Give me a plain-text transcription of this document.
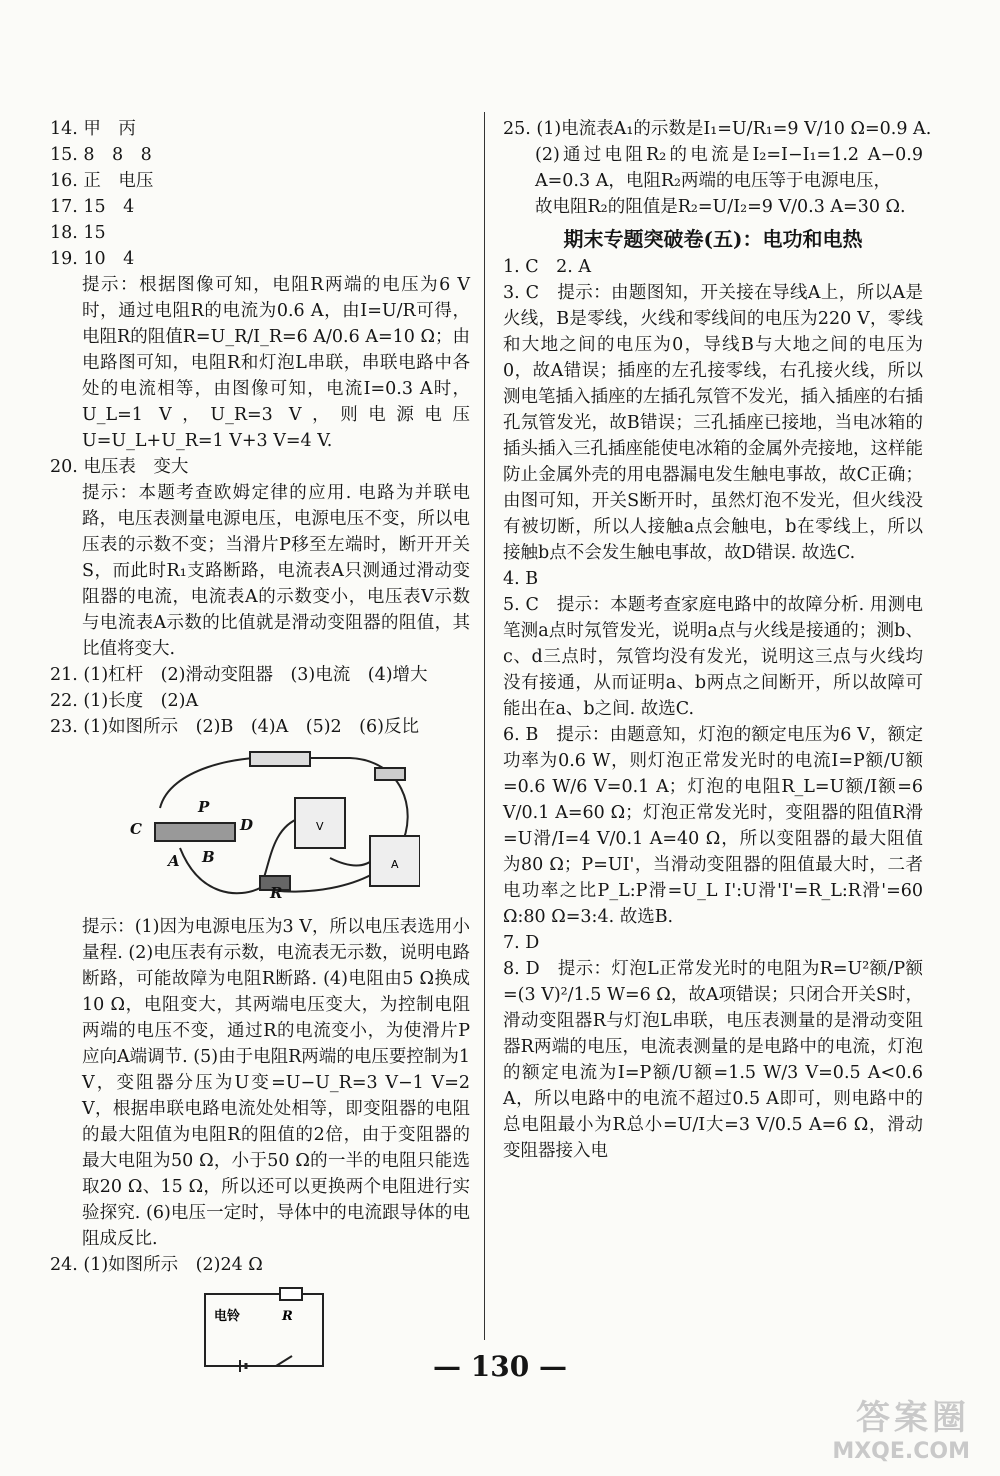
14. 甲　丙
15. 8　8　8
16. 正　电压
17. 15　4
18. 15
19. 10　4
提示：根据图像可知，电阻R两端的电压为6 V时，通过电阻R的电流为0.6 A，由I=U/R可得，电阻R的阻值R=U_R/I_R=6 A/0.6 A=10 Ω；由电路图可知，电阻R和灯泡L串联，串联电路中各处的电流相等，由图像可知，电流I=0.3 A时，U_L=1 V，U_R=3 V，则电源电压U=U_L+U_R=1 V+3 V=4 V.
20. 电压表　变大
提示：本题考查欧姆定律的应用. 电路为并联电路，电压表测量电源电压，电源电压不变，所以电压表的示数不变；当滑片P移至左端时，断开开关S，而此时R₁支路断路，电流表A只测通过滑动变阻器的电流，电流表A的示数变小，电压表V示数与电流表A示数的比值就是滑动变阻器的阻值，其比值将变大.
21. (1)杠杆　(2)滑动变阻器　(3)电流　(4)增大
22. (1)长度　(2)A
23. (1)如图所示　(2)B　(4)A　(5)2　(6)反比
C
P
D
A B
R
V
A
提示：(1)因为电源电压为3 V，所以电压表选用小量程. (2)电压表有示数，电流表无示数，说明电路断路，可能故障为电阻R断路. (4)电阻由5 Ω换成10 Ω，电阻变大，其两端电压变大，为控制电阻两端的电压不变，通过R的电流变小，为使滑片P应向A端调节. (5)由于电阻R两端的电压要控制为1 V，变阻器分压为U变=U−U_R=3 V−1 V=2 V，根据串联电路电流处处相等，即变阻器的电阻的最大阻值为电阻R的阻值的2倍，由于变阻器的最大电阻为50 Ω，小于50 Ω的一半的电阻只能选取20 Ω、15 Ω，所以还可以更换两个电阻进行实验探究. (6)电压一定时，导体中的电流跟导体的电阻成反比.
24. (1)如图所示　(2)24 Ω
电铃	R
25. (1)电流表A₁的示数是I₁=U/R₁=9 V/10 Ω=0.9 A.
(2)通过电阻R₂的电流是I₂=I−I₁=1.2 A−0.9 A=0.3 A，电阻R₂两端的电压等于电源电压，
故电阻R₂的阻值是R₂=U/I₂=9 V/0.3 A=30 Ω.
期末专题突破卷(五)：电功和电热
1. C　2. A
3. C　提示：由题图知，开关接在导线A上，所以A是火线，B是零线，火线和零线间的电压为220 V，零线和大地之间的电压为0，导线B与大地之间的电压为0，故A错误；插座的左孔接零线，右孔接火线，所以测电笔插入插座的左插孔氖管不发光，插入插座的右插孔氖管发光，故B错误；三孔插座已接地，当电冰箱的插头插入三孔插座能使电冰箱的金属外壳接地，这样能防止金属外壳的用电器漏电发生触电事故，故C正确；由图可知，开关S断开时，虽然灯泡不发光，但火线没有被切断，所以人接触a点会触电，b在零线上，所以接触b点不会发生触电事故，故D错误. 故选C.
4. B
5. C　提示：本题考查家庭电路中的故障分析. 用测电笔测a点时氖管发光，说明a点与火线是接通的；测b、c、d三点时，氖管均没有发光，说明这三点与火线均没有接通，从而证明a、b两点之间断开，所以故障可能出在a、b之间. 故选C.
6. B　提示：由题意知，灯泡的额定电压为6 V，额定功率为0.6 W，则灯泡正常发光时的电流I=P额/U额=0.6 W/6 V=0.1 A；灯泡的电阻R_L=U额/I额=6 V/0.1 A=60 Ω；灯泡正常发光时，变阻器的阻值R滑=U滑/I=4 V/0.1 A=40 Ω，所以变阻器的最大阻值为80 Ω；P=UI'，当滑动变阻器的阻值最大时，二者电功率之比P_L:P滑=U_L I':U滑'I'=R_L:R滑'=60 Ω:80 Ω=3:4. 故选B.
7. D
8. D　提示：灯泡L正常发光时的电阻为R=U²额/P额=(3 V)²/1.5 W=6 Ω，故A项错误；只闭合开关S时，滑动变阻器R与灯泡L串联，电压表测量的是滑动变阻器R两端的电压，电流表测量的是电路中的电流，灯泡的额定电流为I=P额/U额=1.5 W/3 V=0.5 A<0.6 A，所以电路中的电流不超过0.5 A即可，则电路中的总电阻最小为R总小=U/I大=3 V/0.5 A=6 Ω，滑动变阻器接入电
— 130 —
答案圈
MXQE.COM
